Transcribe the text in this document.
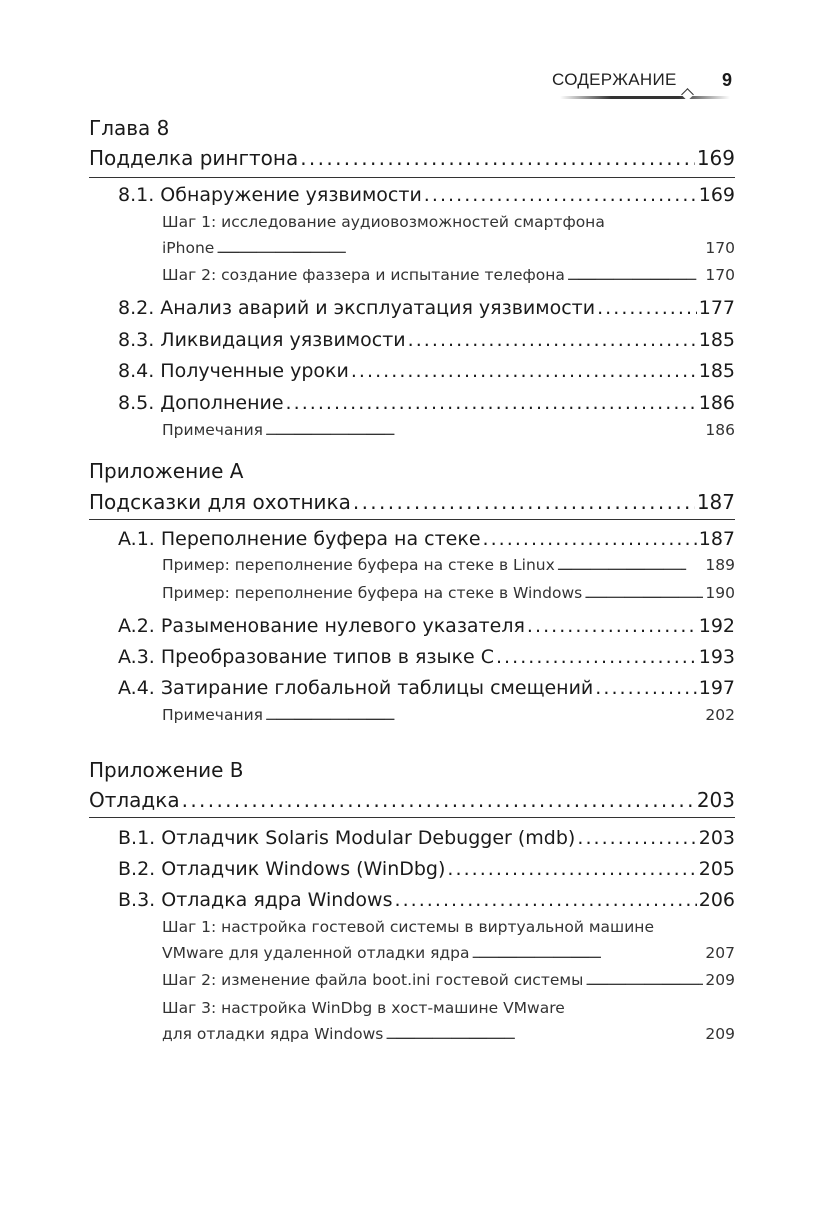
СОДЕРЖАНИЕ	9
Глава 8
Подделка рингтона . . .	169
8.1. Обнаружение уязвимости . . .	169
Шаг 1: исследование аудиовозможностей смартфона
iPhone . . .	170
Шаг 2: создание фаззера и испытание телефона . . .	170
8.2. Анализ аварий и эксплуатация уязвимости . . .	177
8.3. Ликвидация уязвимости . . .	185
8.4. Полученные уроки . . .	185
8.5. Дополнение . . .	186
Примечания . . .	186
Приложение А
Подсказки для охотника . . .	187
A.1. Переполнение буфера на стеке . . .	187
Пример: переполнение буфера на стеке в Linux . . .	189
Пример: переполнение буфера на стеке в Windows . . .	190
A.2. Разыменование нулевого указателя . . .	192
A.3. Преобразование типов в языке C . . .	193
A.4. Затирание глобальной таблицы смещений . . .	197
Примечания . . .	202
Приложение B
Отладка . . .	203
B.1. Отладчик Solaris Modular Debugger (mdb) . . .	203
B.2. Отладчик Windows (WinDbg) . . .	205
B.3. Отладка ядра Windows . . .	206
Шаг 1: настройка гостевой системы в виртуальной машине
VMware для удаленной отладки ядра . . .	207
Шаг 2: изменение файла boot.ini гостевой системы . . .	209
Шаг 3: настройка WinDbg в хост-машине VMware
для отладки ядра Windows . . .	209
